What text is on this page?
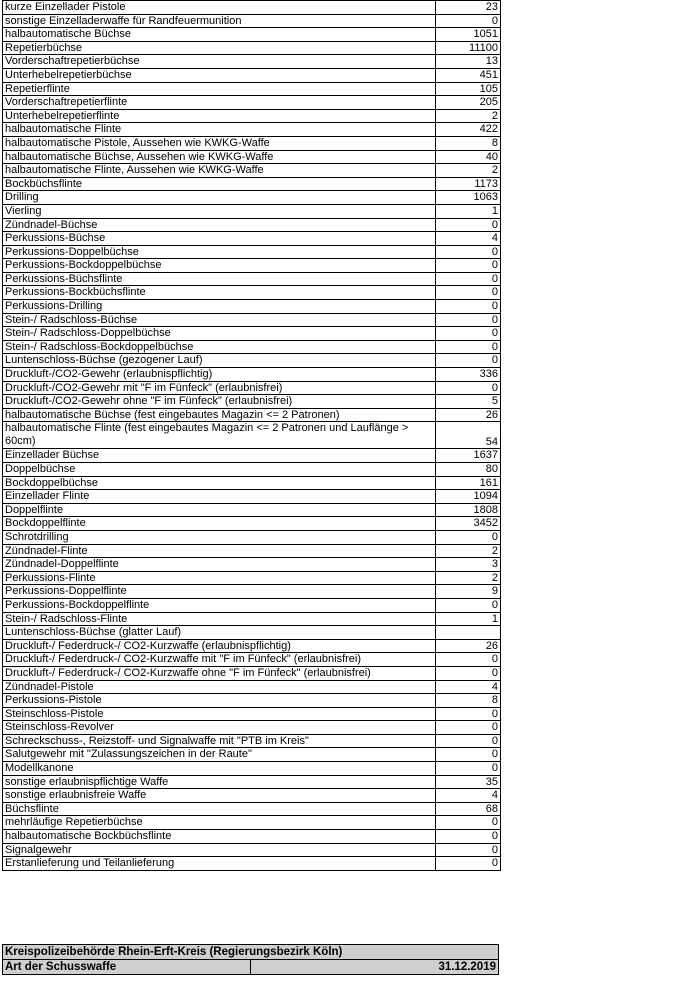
kurze Einzellader Pistole	23
sonstige Einzelladerwaffe für Randfeuermunition	0
halbautomatische Büchse	1051
Repetierbüchse	11100
Vorderschaftrepetierbüchse	13
Unterhebelrepetierbüchse	451
Repetierflinte	105
Vorderschaftrepetierflinte	205
Unterhebelrepetierflinte	2
halbautomatische Flinte	422
halbautomatische Pistole, Aussehen wie KWKG-Waffe	8
halbautomatische Büchse, Aussehen wie KWKG-Waffe	40
halbautomatische Flinte, Aussehen wie KWKG-Waffe	2
Bockbüchsflinte	1173
Drilling	1063
Vierling	1
Zündnadel-Büchse	0
Perkussions-Büchse	4
Perkussions-Doppelbüchse	0
Perkussions-Bockdoppelbüchse	0
Perkussions-Büchsflinte	0
Perkussions-Bockbüchsflinte	0
Perkussions-Drilling	0
Stein-/ Radschloss-Büchse	0
Stein-/ Radschloss-Doppelbüchse	0
Stein-/ Radschloss-Bockdoppelbüchse	0
Luntenschloss-Büchse (gezogener Lauf)	0
Druckluft-/CO2-Gewehr (erlaubnispflichtig)	336
Druckluft-/CO2-Gewehr mit "F im Fünfeck" (erlaubnisfrei)	0
Druckluft-/CO2-Gewehr ohne "F im Fünfeck" (erlaubnisfrei)	5
halbautomatische Büchse (fest eingebautes Magazin <= 2 Patronen)	26
halbautomatische Flinte (fest eingebautes Magazin <= 2 Patronen und Lauflänge > 60cm)	54
Einzellader Büchse	1637
Doppelbüchse	80
Bockdoppelbüchse	161
Einzellader Flinte	1094
Doppelflinte	1808
Bockdoppelflinte	3452
Schrotdrilling	0
Zündnadel-Flinte	2
Zündnadel-Doppelflinte	3
Perkussions-Flinte	2
Perkussions-Doppelflinte	9
Perkussions-Bockdoppelflinte	0
Stein-/ Radschloss-Flinte	1
Luntenschloss-Büchse (glatter Lauf)	
Druckluft-/ Federdruck-/ CO2-Kurzwaffe (erlaubnispflichtig)	26
Druckluft-/ Federdruck-/ CO2-Kurzwaffe mit "F im Fünfeck" (erlaubnisfrei)	0
Druckluft-/ Federdruck-/ CO2-Kurzwaffe ohne "F im Fünfeck" (erlaubnisfrei)	0
Zündnadel-Pistole	4
Perkussions-Pistole	8
Steinschloss-Pistole	0
Steinschloss-Revolver	0
Schreckschuss-, Reizstoff- und Signalwaffe mit "PTB im Kreis"	0
Salutgewehr mit "Zulassungszeichen in der Raute"	0
Modellkanone	0
sonstige erlaubnispflichtige Waffe	35
sonstige erlaubnisfreie Waffe	4
Büchsflinte	68
mehrläufige Repetierbüchse	0
halbautomatische Bockbüchsflinte	0
Signalgewehr	0
Erstanlieferung und Teilanlieferung	0
Kreispolizeibehörde Rhein-Erft-Kreis (Regierungsbezirk Köln)
Art der Schusswaffe	31.12.2019
